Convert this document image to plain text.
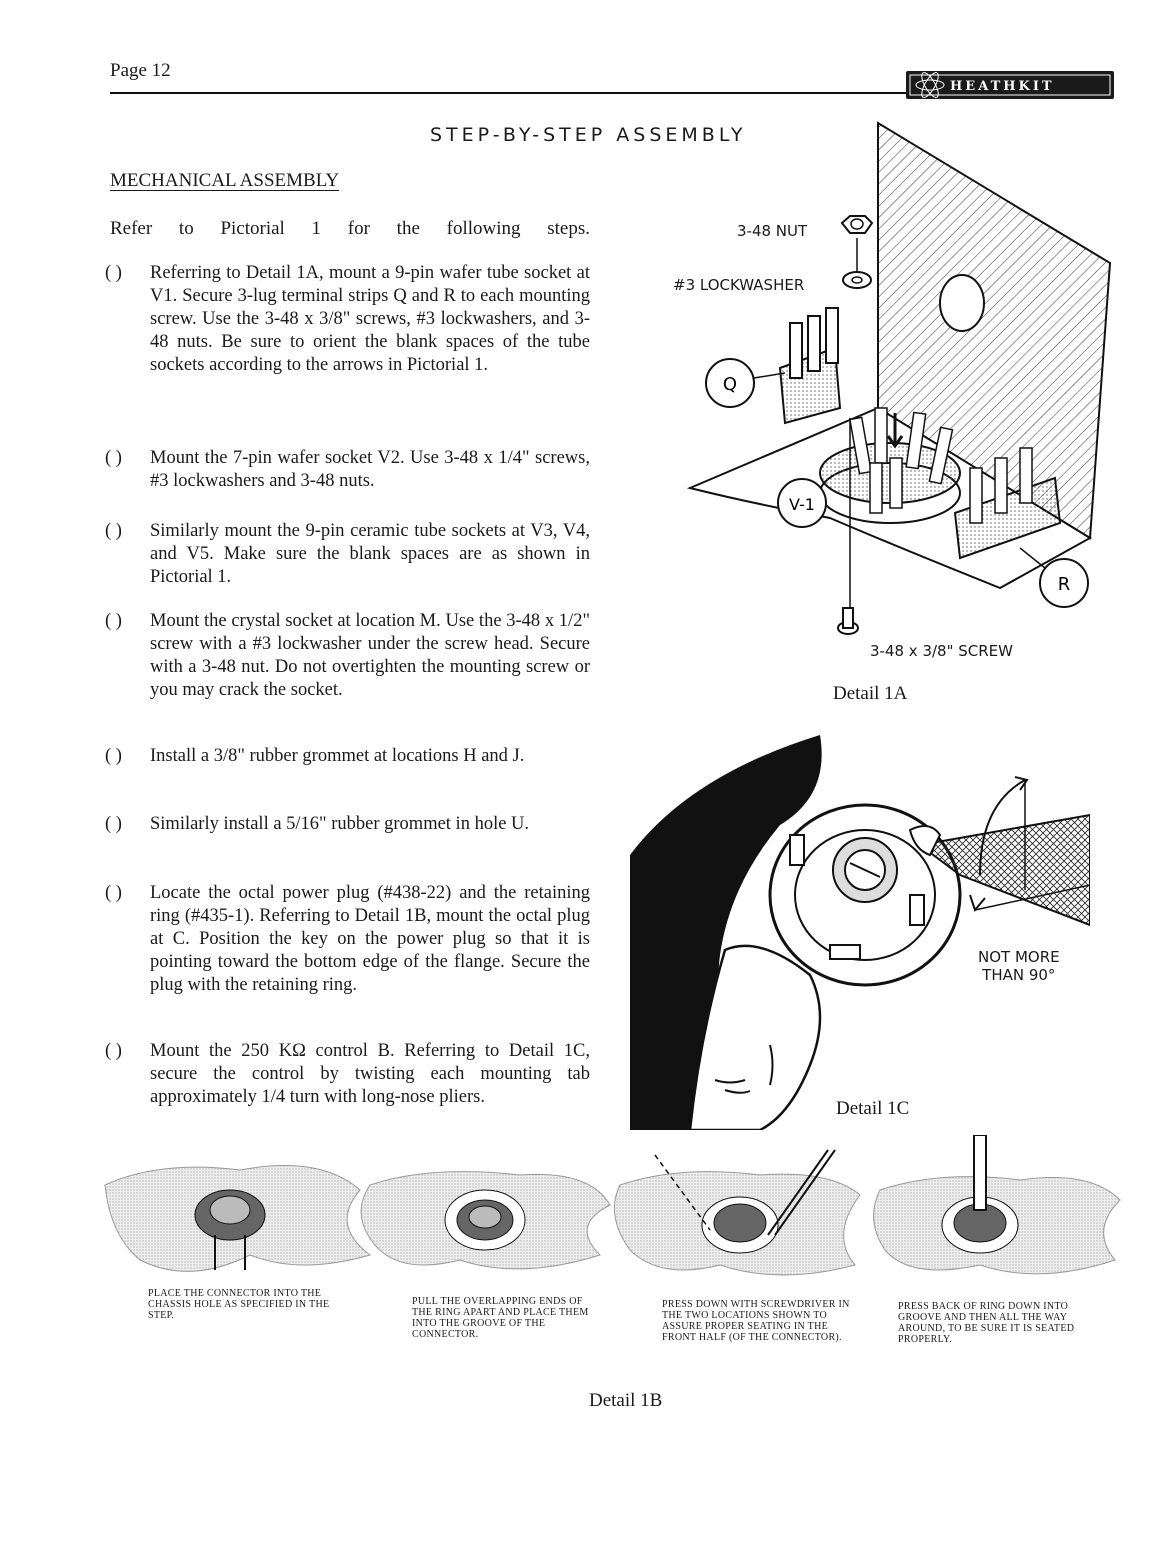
Page 12
HEATHKIT
STEP-BY-STEP ASSEMBLY
MECHANICAL ASSEMBLY
Refer to Pictorial 1 for the following steps.
( ) Referring to Detail 1A, mount a 9-pin wafer tube socket at V1. Secure 3-lug terminal strips Q and R to each mounting screw. Use the 3-48 x 3/8" screws, #3 lockwashers, and 3-48 nuts. Be sure to orient the blank spaces of the tube sockets according to the arrows in Pictorial 1.
( ) Mount the 7-pin wafer socket V2. Use 3-48 x 1/4" screws, #3 lockwashers and 3-48 nuts.
( ) Similarly mount the 9-pin ceramic tube sockets at V3, V4, and V5. Make sure the blank spaces are as shown in Pictorial 1.
( ) Mount the crystal socket at location M. Use the 3-48 x 1/2" screw with a #3 lockwasher under the screw head. Secure with a 3-48 nut. Do not overtighten the mounting screw or you may crack the socket.
( ) Install a 3/8" rubber grommet at locations H and J.
( ) Similarly install a 5/16" rubber grommet in hole U.
( ) Locate the octal power plug (#438-22) and the retaining ring (#435-1). Referring to Detail 1B, mount the octal plug at C. Position the key on the power plug so that it is pointing toward the bottom edge of the flange. Secure the plug with the retaining ring.
( ) Mount the 250 KΩ control B. Referring to Detail 1C, secure the control by twisting each mounting tab approximately 1/4 turn with long-nose pliers.
Q
V-1
R
3-48 NUT
#3 LOCKWASHER
3-48 x 3/8" SCREW
Detail 1A
NOT MORE
THAN 90°
Detail 1C
PLACE THE CONNECTOR INTO THE CHASSIS HOLE AS SPECIFIED IN THE STEP.
PULL THE OVERLAPPING ENDS OF THE RING APART AND PLACE THEM INTO THE GROOVE OF THE CONNECTOR.
PRESS DOWN WITH SCREWDRIVER IN THE TWO LOCATIONS SHOWN TO ASSURE PROPER SEATING IN THE FRONT HALF (OF THE CONNECTOR).
PRESS BACK OF RING DOWN INTO GROOVE AND THEN ALL THE WAY AROUND, TO BE SURE IT IS SEATED PROPERLY.
Detail 1B
